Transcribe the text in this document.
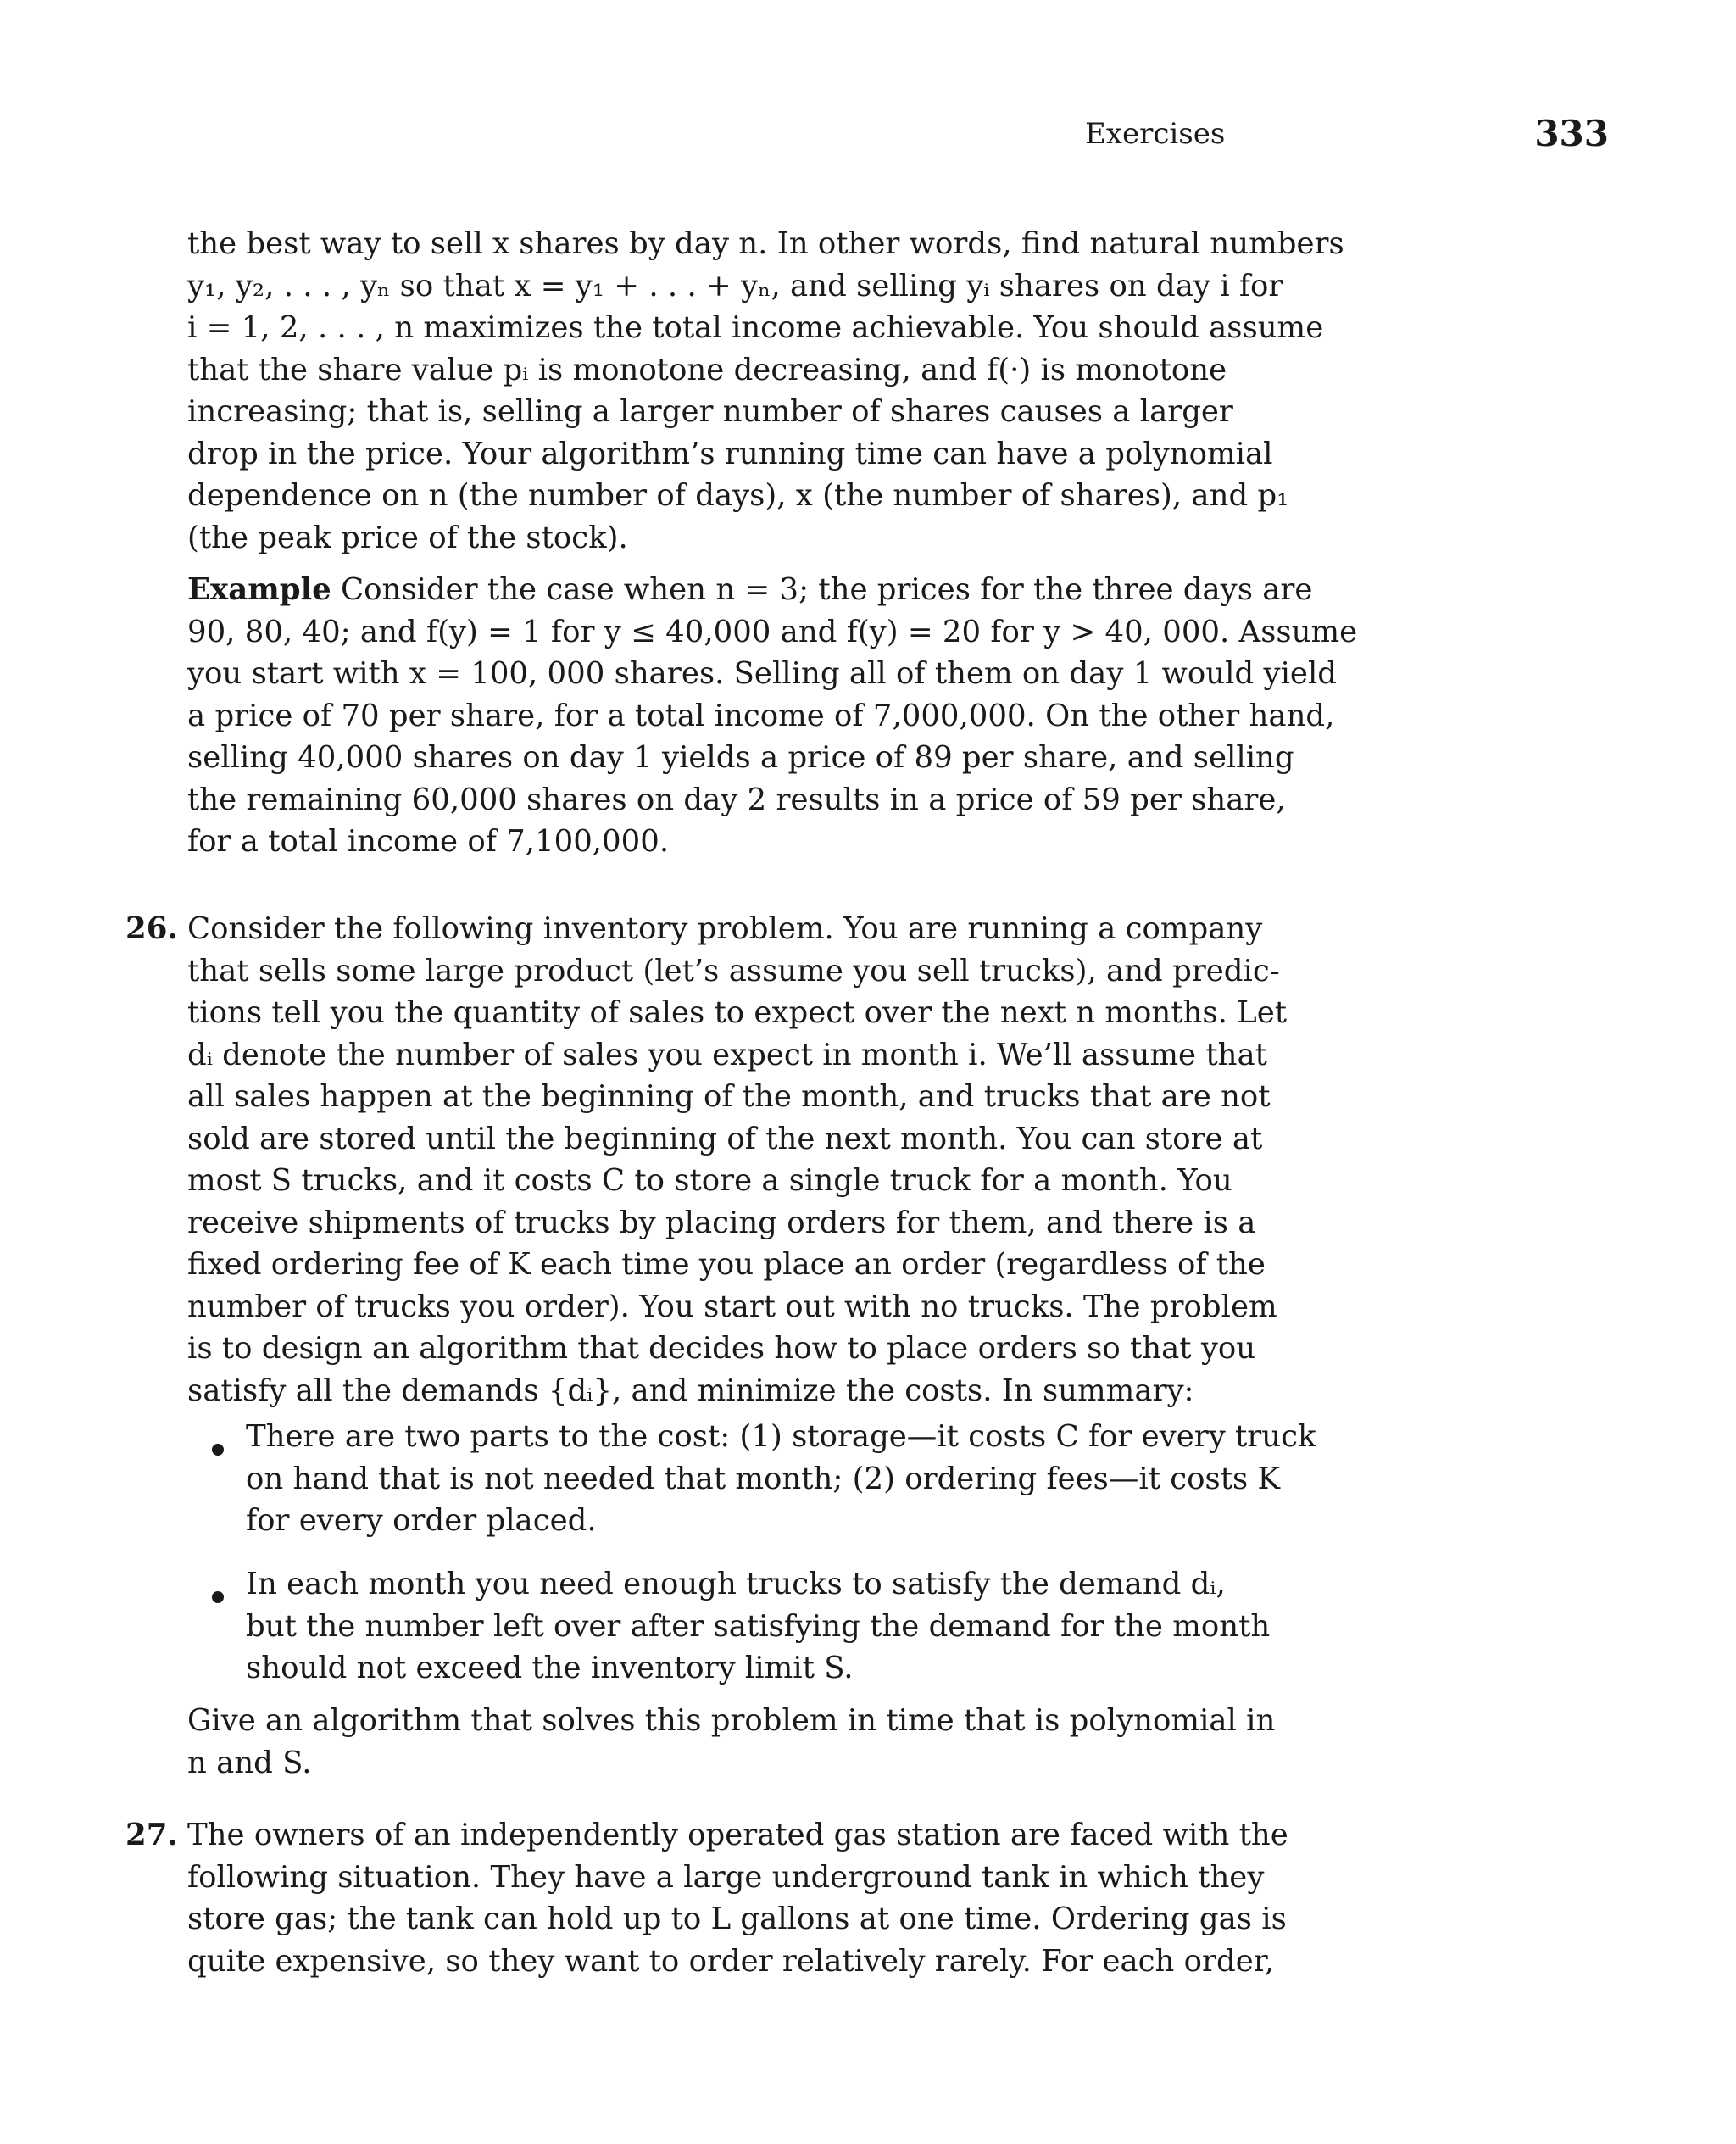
Exercises	333
the best way to sell x shares by day n. In other words, find natural numbers
y₁, y₂, . . . , yₙ so that x = y₁ + . . . + yₙ, and selling yᵢ shares on day i for
i = 1, 2, . . . , n maximizes the total income achievable. You should assume
that the share value pᵢ is monotone decreasing, and f(·) is monotone
increasing; that is, selling a larger number of shares causes a larger
drop in the price. Your algorithm’s running time can have a polynomial
dependence on n (the number of days), x (the number of shares), and p₁
(the peak price of the stock).
Example Consider the case when n = 3; the prices for the three days are
90, 80, 40; and f(y) = 1 for y ≤ 40,000 and f(y) = 20 for y > 40, 000. Assume
you start with x = 100, 000 shares. Selling all of them on day 1 would yield
a price of 70 per share, for a total income of 7,000,000. On the other hand,
selling 40,000 shares on day 1 yields a price of 89 per share, and selling
the remaining 60,000 shares on day 2 results in a price of 59 per share,
for a total income of 7,100,000.
26. Consider the following inventory problem. You are running a company
that sells some large product (let’s assume you sell trucks), and predic-
tions tell you the quantity of sales to expect over the next n months. Let
dᵢ denote the number of sales you expect in month i. We’ll assume that
all sales happen at the beginning of the month, and trucks that are not
sold are stored until the beginning of the next month. You can store at
most S trucks, and it costs C to store a single truck for a month. You
receive shipments of trucks by placing orders for them, and there is a
fixed ordering fee of K each time you place an order (regardless of the
number of trucks you order). You start out with no trucks. The problem
is to design an algorithm that decides how to place orders so that you
satisfy all the demands {dᵢ}, and minimize the costs. In summary:
There are two parts to the cost: (1) storage—it costs C for every truck
on hand that is not needed that month; (2) ordering fees—it costs K
for every order placed.
In each month you need enough trucks to satisfy the demand dᵢ,
but the number left over after satisfying the demand for the month
should not exceed the inventory limit S.
Give an algorithm that solves this problem in time that is polynomial in
n and S.
27. The owners of an independently operated gas station are faced with the
following situation. They have a large underground tank in which they
store gas; the tank can hold up to L gallons at one time. Ordering gas is
quite expensive, so they want to order relatively rarely. For each order,
